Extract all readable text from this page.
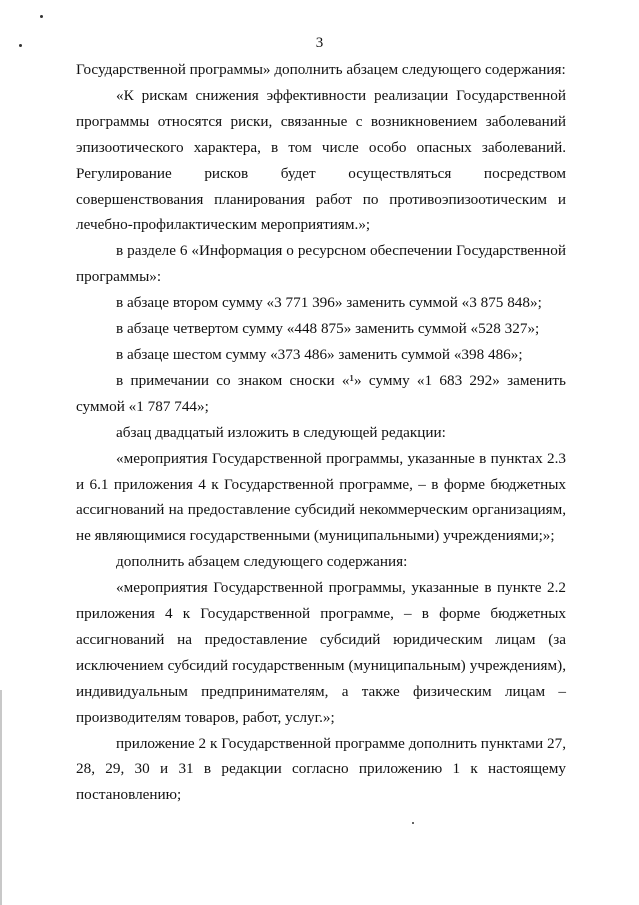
3

Государственной программы» дополнить абзацем следующего содержания:

«К рискам снижения эффективности реализации Государственной программы относятся риски, связанные с возникновением заболеваний эпизоотического характера, в том числе особо опасных заболеваний. Регулирование рисков будет осуществляться посредством совершенствования планирования работ по противоэпизоотическим и лечебно-профилактическим мероприятиям.»;

в разделе 6 «Информация о ресурсном обеспечении Государственной программы»:

в абзаце втором сумму «3 771 396» заменить суммой «3 875 848»;

в абзаце четвертом сумму «448 875» заменить суммой «528 327»;

в абзаце шестом сумму «373 486» заменить суммой «398 486»;

в примечании со знаком сноски «¹» сумму «1 683 292» заменить суммой «1 787 744»;

абзац двадцатый изложить в следующей редакции:

«мероприятия Государственной программы, указанные в пунктах 2.3 и 6.1 приложения 4 к Государственной программе, – в форме бюджетных ассигнований на предоставление субсидий некоммерческим организациям, не являющимися государственными (муниципальными) учреждениями;»;

дополнить абзацем следующего содержания:

«мероприятия Государственной программы, указанные в пункте 2.2 приложения 4 к Государственной программе, – в форме бюджетных ассигнований на предоставление субсидий юридическим лицам (за исключением субсидий государственным (муниципальным) учреждениям), индивидуальным предпринимателям, а также физическим лицам – производителям товаров, работ, услуг.»;

приложение 2 к Государственной программе дополнить пунктами 27, 28, 29, 30 и 31 в редакции согласно приложению 1 к настоящему постановлению;
